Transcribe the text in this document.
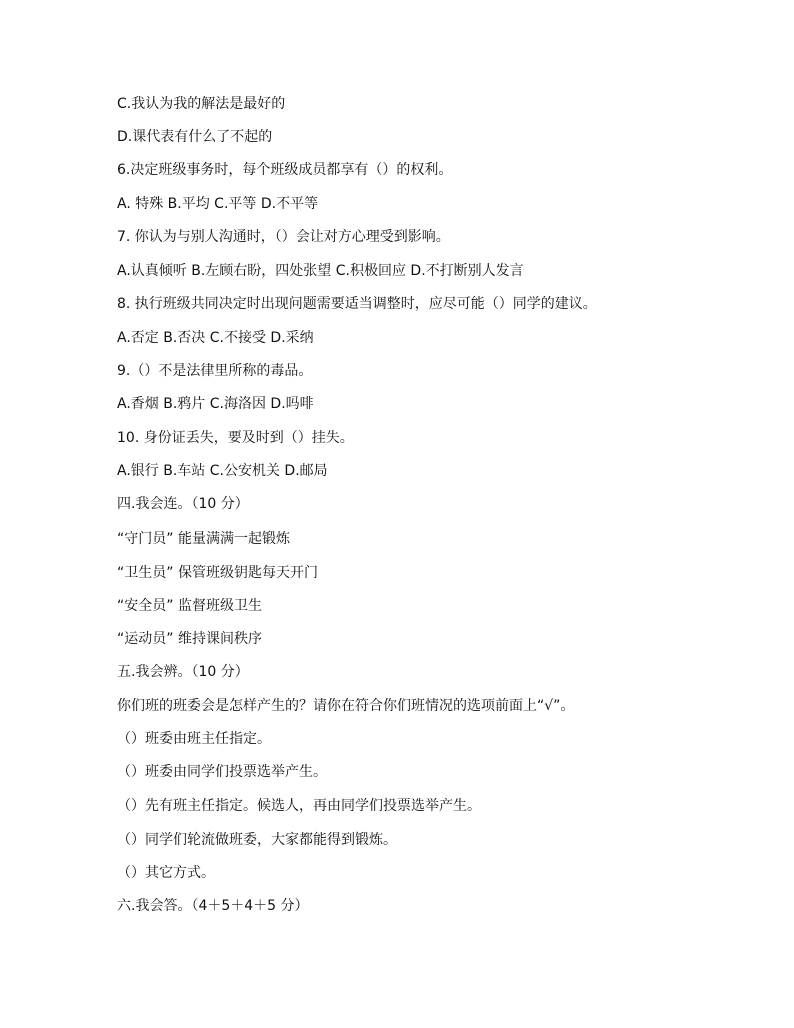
C.我认为我的解法是最好的
D.课代表有什么了不起的
6.决定班级事务时，每个班级成员都享有（）的权利。
A. 特殊 B.平均 C.平等 D.不平等
7. 你认为与别人沟通时，（）会让对方心理受到影响。
A.认真倾听 B.左顾右盼，四处张望 C.积极回应 D.不打断别人发言
8. 执行班级共同决定时出现问题需要适当调整时，应尽可能（）同学的建议。
A.否定 B.否决 C.不接受 D.采纳
9.（）不是法律里所称的毒品。
A.香烟 B.鸦片 C.海洛因 D.吗啡
10. 身份证丢失，要及时到（）挂失。
A.银行 B.车站 C.公安机关 D.邮局
四.我会连。（10 分）
“守门员” 能量满满一起锻炼
“卫生员” 保管班级钥匙每天开门
“安全员” 监督班级卫生
“运动员” 维持课间秩序
五.我会辨。（10 分）
你们班的班委会是怎样产生的？请你在符合你们班情况的选项前面上“√”。
（）班委由班主任指定。
（）班委由同学们投票选举产生。
（）先有班主任指定。候选人，再由同学们投票选举产生。
（）同学们轮流做班委，大家都能得到锻炼。
（）其它方式。
六.我会答。（4＋5＋4＋5 分）
